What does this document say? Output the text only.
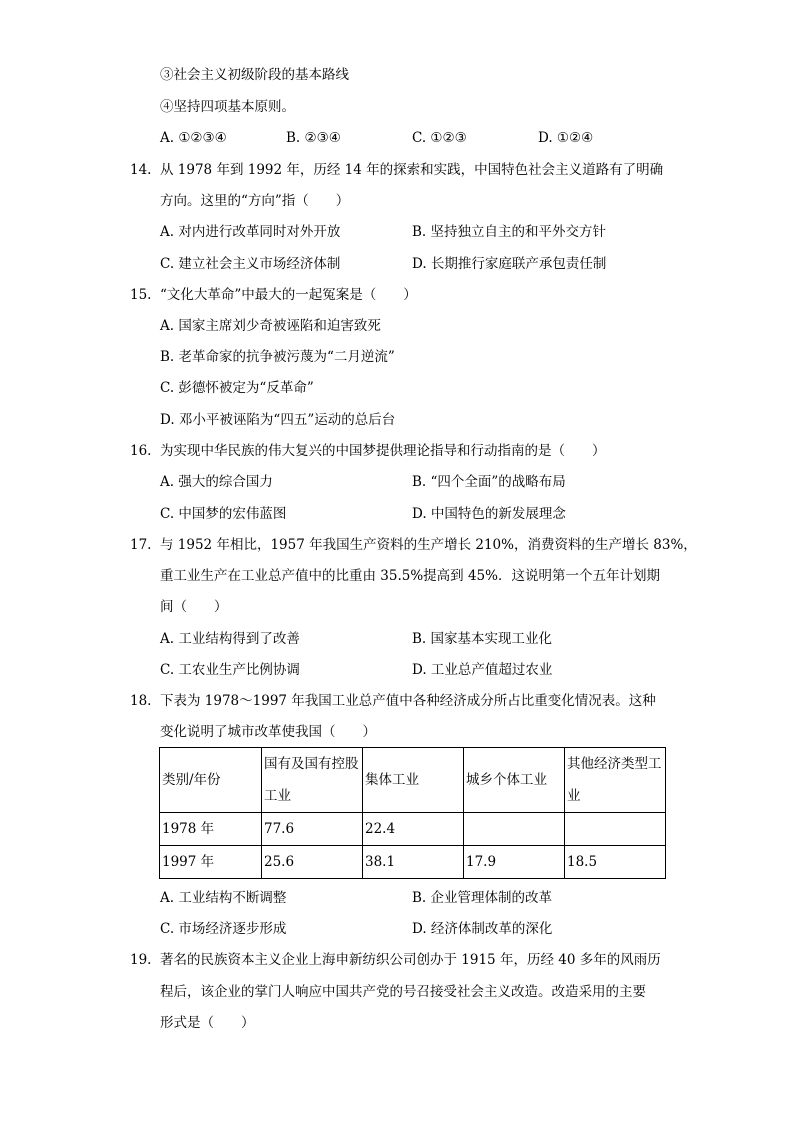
③社会主义初级阶段的基本路线
④坚持四项基本原则。
A. ①②③④	B. ②③④	C. ①②③	D. ①②④
14. 从 1978 年到 1992 年，历经 14 年的探索和实践，中国特色社会主义道路有了明确
方向。这里的“方向”指（　　）
A. 对内进行改革同时对外开放	B. 坚持独立自主的和平外交方针
C. 建立社会主义市场经济体制	D. 长期推行家庭联产承包责任制
15. “文化大革命”中最大的一起冤案是（　　）
A. 国家主席刘少奇被诬陷和迫害致死
B. 老革命家的抗争被污蔑为“二月逆流”
C. 彭德怀被定为“反革命”
D. 邓小平被诬陷为“四五”运动的总后台
16. 为实现中华民族的伟大复兴的中国梦提供理论指导和行动指南的是（　　）
A. 强大的综合国力	B. “四个全面”的战略布局
C. 中国梦的宏伟蓝图	D. 中国特色的新发展理念
17. 与 1952 年相比，1957 年我国生产资料的生产增长 210%，消费资料的生产增长 83%，
重工业生产在工业总产值中的比重由 35.5%提高到 45%．这说明第一个五年计划期
间（　　）
A. 工业结构得到了改善	B. 国家基本实现工业化
C. 工农业生产比例协调	D. 工业总产值超过农业
18. 下表为 1978～1997 年我国工业总产值中各种经济成分所占比重变化情况表。这种
变化说明了城市改革使我国（　　）
类别/年份	国有及国有控股工业	集体工业	城乡个体工业	其他经济类型工业
1978 年	77.6	22.4		
1997 年	25.6	38.1	17.9	18.5
A. 工业结构不断调整	B. 企业管理体制的改革
C. 市场经济逐步形成	D. 经济体制改革的深化
19. 著名的民族资本主义企业上海申新纺织公司创办于 1915 年，历经 40 多年的风雨历
程后，该企业的掌门人响应中国共产党的号召接受社会主义改造。改造采用的主要
形式是（　　）
